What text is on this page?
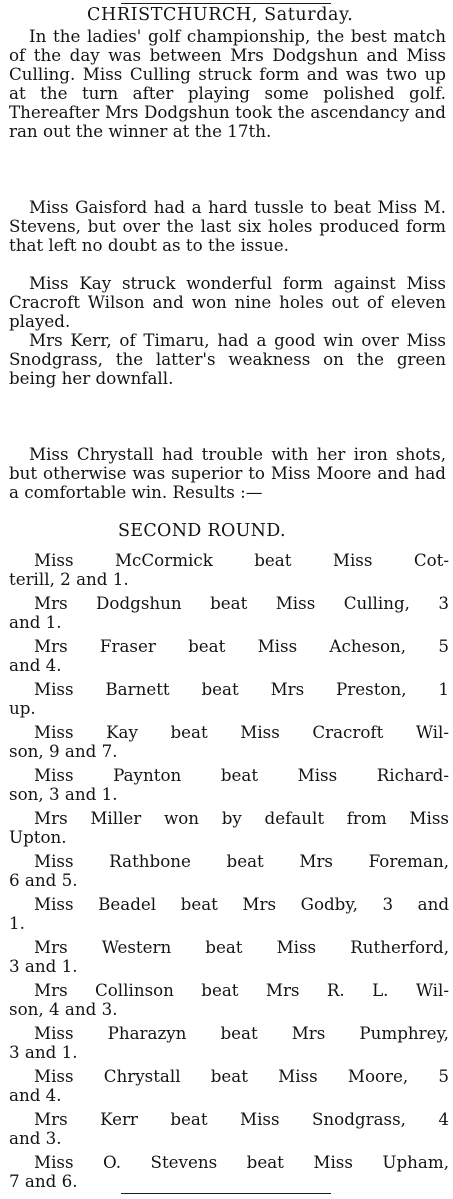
CHRISTCHURCH, Saturday.
In the ladies' golf championship, the best match of the day was between Mrs Dodgshun and Miss Culling. Miss Culling struck form and was two up at the turn after playing some polished golf. Thereafter Mrs Dodgshun took the ascendancy and ran out the winner at the 17th.
Miss Gaisford had a hard tussle to beat Miss M. Stevens, but over the last six holes produced form that left no doubt as to the issue.
Miss Kay struck wonderful form against Miss Cracroft Wilson and won nine holes out of eleven played.
Mrs Kerr, of Timaru, had a good win over Miss Snodgrass, the latter's weakness on the green being her downfall.
Miss Chrystall had trouble with her iron shots, but otherwise was superior to Miss Moore and had a comfortable win. Results :—
SECOND ROUND.
Miss McCormick beat Miss Cot-
terill, 2 and 1.
Mrs Dodgshun beat Miss Culling, 3
and 1.
Mrs Fraser beat Miss Acheson, 5
and 4.
Miss Barnett beat Mrs Preston, 1
up.
Miss Kay beat Miss Cracroft Wil-
son, 9 and 7.
Miss Paynton beat Miss Richard-
son, 3 and 1.
Mrs Miller won by default from Miss
Upton.
Miss Rathbone beat Mrs Foreman,
6 and 5.
Miss Beadel beat Mrs Godby, 3 and
1.
Mrs Western beat Miss Rutherford,
3 and 1.
Mrs Collinson beat Mrs R. L. Wil-
son, 4 and 3.
Miss Pharazyn beat Mrs Pumphrey,
3 and 1.
Miss Chrystall beat Miss Moore, 5
and 4.
Mrs Kerr beat Miss Snodgrass, 4
and 3.
Miss O. Stevens beat Miss Upham,
7 and 6.
